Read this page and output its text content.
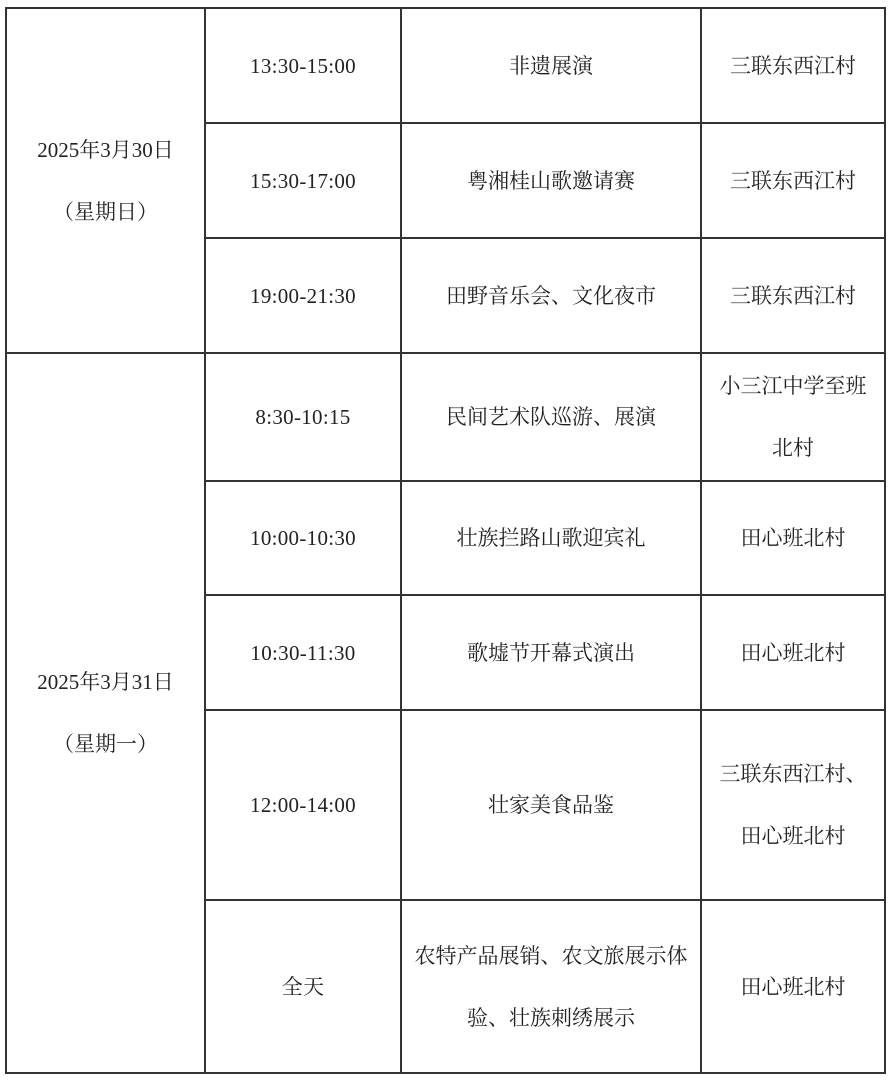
2025年3月30日
（星期日）	13:30-15:00	非遗展演	三联东西江村
	15:30-17:00	粤湘桂山歌邀请赛	三联东西江村
	19:00-21:30	田野音乐会、文化夜市	三联东西江村

2025年3月31日
（星期一）	8:30-10:15	民间艺术队巡游、展演	小三江中学至班北村
	10:00-10:30	壮族拦路山歌迎宾礼	田心班北村
	10:30-11:30	歌墟节开幕式演出	田心班北村
	12:00-14:00	壮家美食品鉴	三联东西江村、田心班北村
	全天	农特产品展销、农文旅展示体验、壮族刺绣展示	田心班北村
